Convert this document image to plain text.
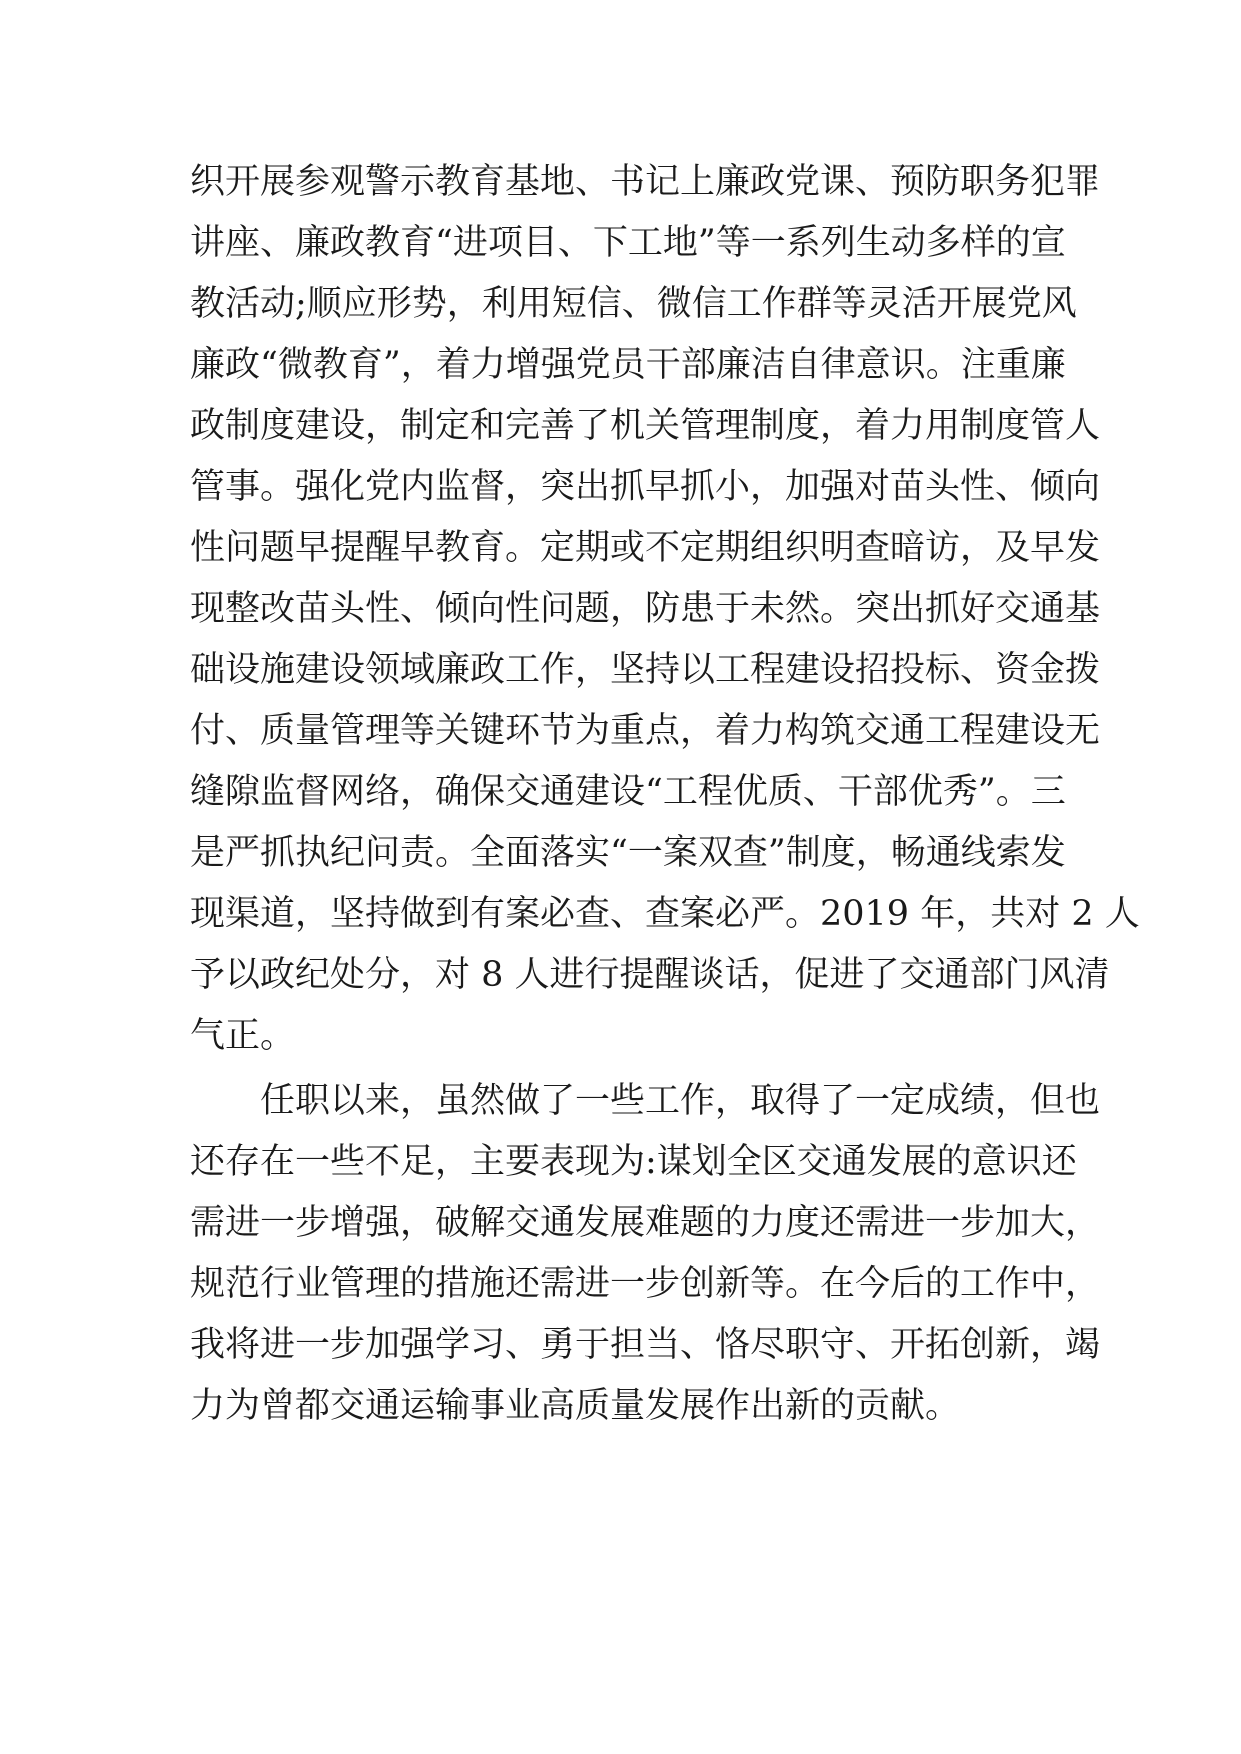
织开展参观警示教育基地、书记上廉政党课、预防职务犯罪
讲座、廉政教育“进项目、下工地”等一系列生动多样的宣
教活动;顺应形势，利用短信、微信工作群等灵活开展党风
廉政“微教育”，着力增强党员干部廉洁自律意识。注重廉
政制度建设，制定和完善了机关管理制度，着力用制度管人
管事。强化党内监督，突出抓早抓小，加强对苗头性、倾向
性问题早提醒早教育。定期或不定期组织明查暗访，及早发
现整改苗头性、倾向性问题，防患于未然。突出抓好交通基
础设施建设领域廉政工作，坚持以工程建设招投标、资金拨
付、质量管理等关键环节为重点，着力构筑交通工程建设无
缝隙监督网络，确保交通建设“工程优质、干部优秀”。三
是严抓执纪问责。全面落实“一案双查”制度，畅通线索发
现渠道，坚持做到有案必查、查案必严。2019 年，共对 2 人
予以政纪处分，对 8 人进行提醒谈话，促进了交通部门风清
气正。
　　任职以来，虽然做了一些工作，取得了一定成绩，但也
还存在一些不足，主要表现为:谋划全区交通发展的意识还
需进一步增强，破解交通发展难题的力度还需进一步加大，
规范行业管理的措施还需进一步创新等。在今后的工作中，
我将进一步加强学习、勇于担当、恪尽职守、开拓创新，竭
力为曾都交通运输事业高质量发展作出新的贡献。
